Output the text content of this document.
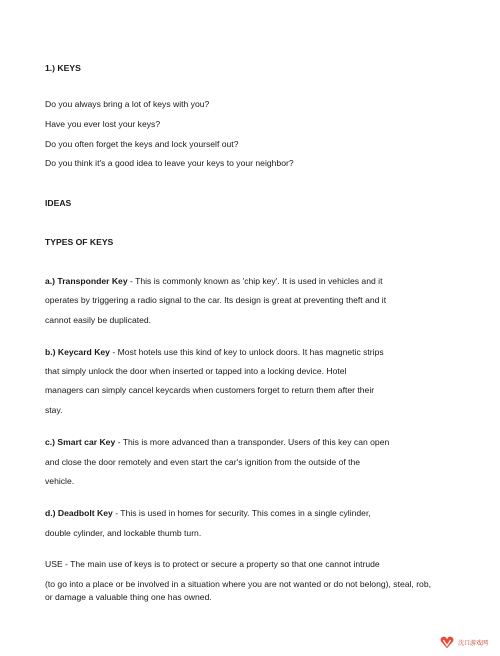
1.) KEYS
Do you always bring a lot of keys with you?
Have you ever lost your keys?
Do you often forget the keys and lock yourself out?
Do you think it's a good idea to leave your keys to your neighbor?
IDEAS
TYPES OF KEYS
a.) Transponder Key - This is commonly known as 'chip key'. It is used in vehicles and it
operates by triggering a radio signal to the car. Its design is great at preventing theft and it
cannot easily be duplicated.
b.) Keycard Key - Most hotels use this kind of key to unlock doors. It has magnetic strips
that simply unlock the door when inserted or tapped into a locking device. Hotel
managers can simply cancel keycards when customers forget to return them after their
stay.
c.) Smart car Key - This is more advanced than a transponder. Users of this key can open
and close the door remotely and even start the car's ignition from the outside of the
vehicle.
d.) Deadbolt Key - This is used in homes for security. This comes in a single cylinder,
double cylinder, and lockable thumb turn.
USE - The main use of keys is to protect or secure a property so that one cannot intrude
(to go into a place or be involved in a situation where you are not wanted or do not belong), steal, rob,
or damage a valuable thing one has owned.
沈口游戏网
